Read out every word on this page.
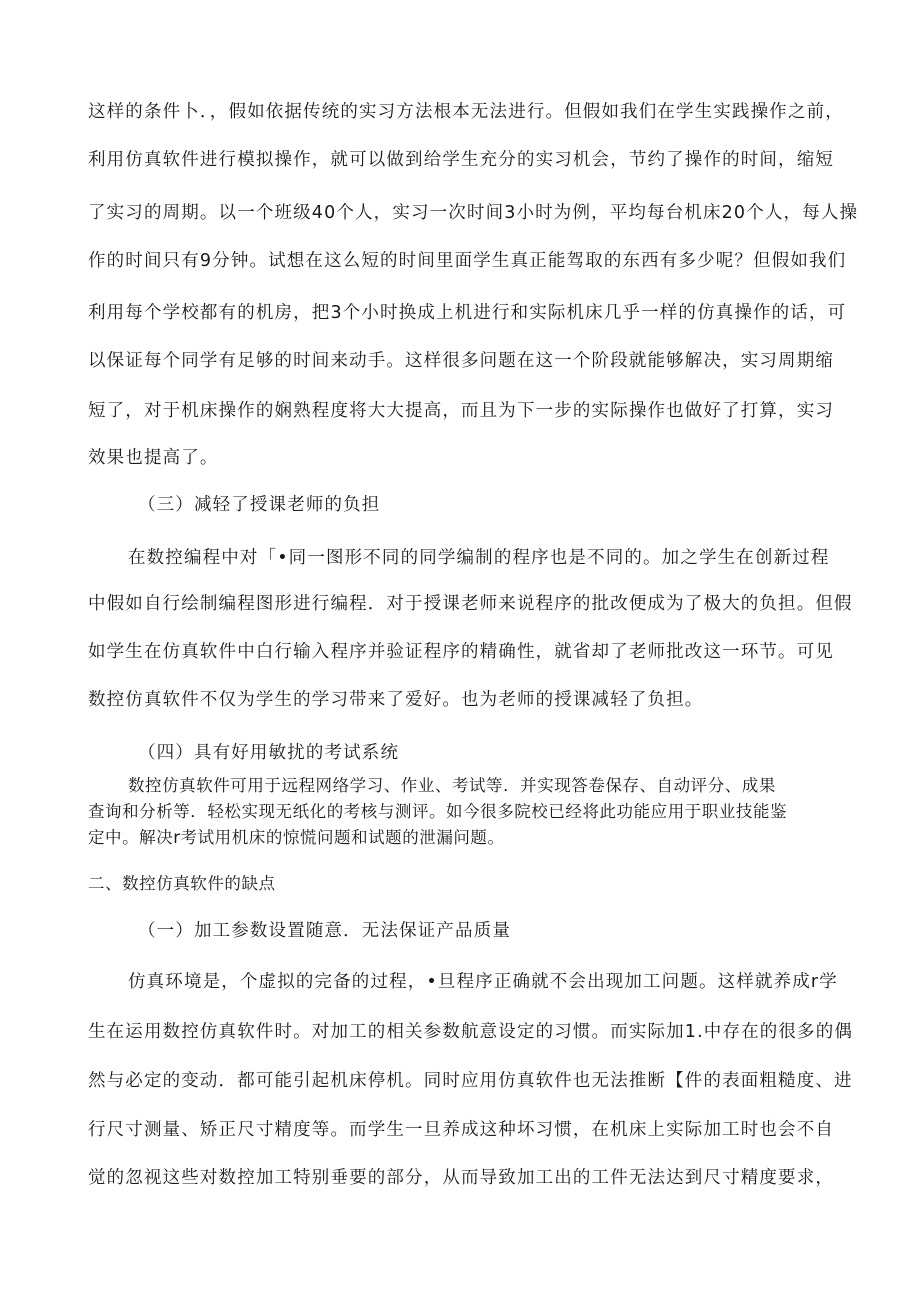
这样的条件卜．，假如依据传统的实习方法根本无法进行。但假如我们在学生实践操作之前，
利用仿真软件进行模拟操作，就可以做到给学生充分的实习机会，节约了操作的时间，缩短
了实习的周期。以一个班级40个人，实习一次时间3小时为例，平均每台机床20个人，每人操
作的时间只有9分钟。试想在这么短的时间里面学生真正能驾取的东西有多少呢？但假如我们
利用每个学校都有的机房，把3个小时换成上机进行和实际机床几乎一样的仿真操作的话，可
以保证每个同学有足够的时间来动手。这样很多问题在这一个阶段就能够解决，实习周期缩
短了，对于机床操作的娴熟程度将大大提高，而且为下一步的实际操作也做好了打算，实习
效果也提高了。
（三）减轻了授课老师的负担
在数控编程中对「•同一图形不同的同学编制的程序也是不同的。加之学生在创新过程
中假如自行绘制编程图形进行编程．对于授课老师来说程序的批改便成为了极大的负担。但假
如学生在仿真软件中白行输入程序并验证程序的精确性，就省却了老师批改这一环节。可见
数控仿真软件不仅为学生的学习带来了爱好。也为老师的授课减轻了负担。
（四）具有好用敏扰的考试系统
数控仿真软件可用于远程网络学习、作业、考试等．并实现答卷保存、自动评分、成果
查询和分析等．轻松实现无纸化的考核与测评。如今很多院校已经将此功能应用于职业技能鉴
定中。解决r考试用机床的惊慌问题和试题的泄漏问题。
二、数控仿真软件的缺点
（一）加工参数设置随意．无法保证产品质量
仿真环境是，个虚拟的完备的过程，•旦程序正确就不会出现加工问题。这样就养成r学
生在运用数控仿真软件时。对加工的相关参数航意设定的习惯。而实际加1.中存在的很多的偶
然与必定的变动．都可能引起机床停机。同时应用仿真软件也无法推断【件的表面粗糙度、进
行尺寸测量、矫正尺寸精度等。而学生一旦养成这种坏习惯，在机床上实际加工时也会不自
觉的忽视这些对数控加工特别垂要的部分，从而导致加工出的工件无法达到尺寸精度要求，
